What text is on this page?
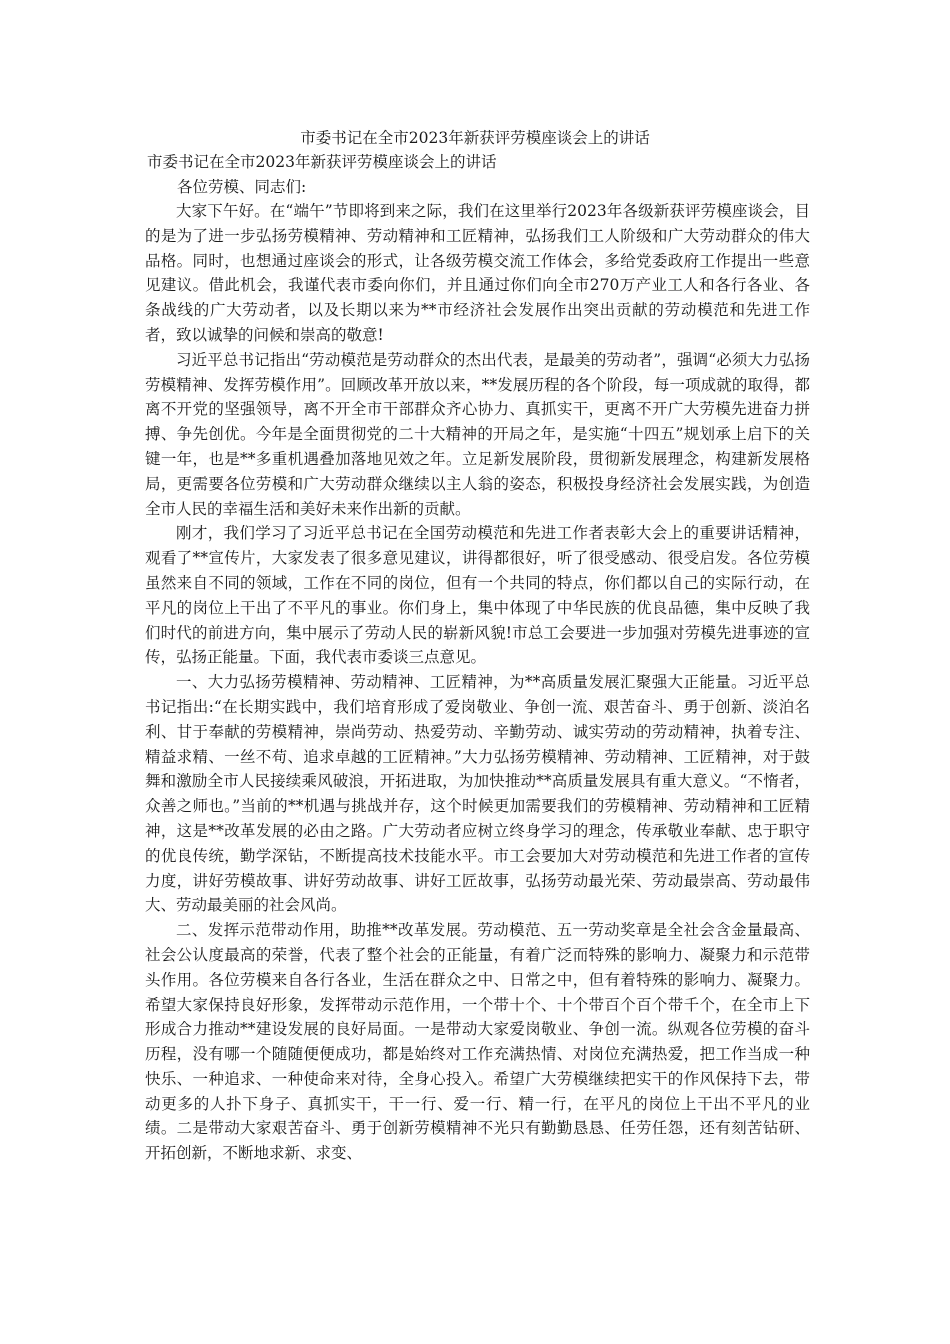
市委书记在全市2023年新获评劳模座谈会上的讲话
市委书记在全市2023年新获评劳模座谈会上的讲话
各位劳模、同志们:

大家下午好。在“端午”节即将到来之际，我们在这里举行2023年各级新获评劳模座谈会，目的是为了进一步弘扬劳模精神、劳动精神和工匠精神，弘扬我们工人阶级和广大劳动群众的伟大品格。同时，也想通过座谈会的形式，让各级劳模交流工作体会，多给党委政府工作提出一些意见建议。借此机会，我谨代表市委向你们，并且通过你们向全市270万产业工人和各行各业、各条战线的广大劳动者，以及长期以来为**市经济社会发展作出突出贡献的劳动模范和先进工作者，致以诚挚的问候和崇高的敬意!

习近平总书记指出“劳动模范是劳动群众的杰出代表，是最美的劳动者”，强调“必须大力弘扬劳模精神、发挥劳模作用”。回顾改革开放以来，**发展历程的各个阶段，每一项成就的取得，都离不开党的坚强领导，离不开全市干部群众齐心协力、真抓实干，更离不开广大劳模先进奋力拼搏、争先创优。今年是全面贯彻党的二十大精神的开局之年，是实施“十四五”规划承上启下的关键一年，也是**多重机遇叠加落地见效之年。立足新发展阶段，贯彻新发展理念，构建新发展格局，更需要各位劳模和广大劳动群众继续以主人翁的姿态，积极投身经济社会发展实践，为创造全市人民的幸福生活和美好未来作出新的贡献。

刚才，我们学习了习近平总书记在全国劳动模范和先进工作者表彰大会上的重要讲话精神，观看了**宣传片，大家发表了很多意见建议，讲得都很好，听了很受感动、很受启发。各位劳模虽然来自不同的领域，工作在不同的岗位，但有一个共同的特点，你们都以自己的实际行动，在平凡的岗位上干出了不平凡的事业。你们身上，集中体现了中华民族的优良品德，集中反映了我们时代的前进方向，集中展示了劳动人民的崭新风貌!市总工会要进一步加强对劳模先进事迹的宣传，弘扬正能量。下面，我代表市委谈三点意见。

一、大力弘扬劳模精神、劳动精神、工匠精神，为**高质量发展汇聚强大正能量。习近平总书记指出:“在长期实践中，我们培育形成了爱岗敬业、争创一流、艰苦奋斗、勇于创新、淡泊名利、甘于奉献的劳模精神，崇尚劳动、热爱劳动、辛勤劳动、诚实劳动的劳动精神，执着专注、精益求精、一丝不苟、追求卓越的工匠精神。”大力弘扬劳模精神、劳动精神、工匠精神，对于鼓舞和激励全市人民接续乘风破浪，开拓进取，为加快推动**高质量发展具有重大意义。“不惰者，众善之师也。”当前的**机遇与挑战并存，这个时候更加需要我们的劳模精神、劳动精神和工匠精神，这是**改革发展的必由之路。广大劳动者应树立终身学习的理念，传承敬业奉献、忠于职守的优良传统，勤学深钻，不断提高技术技能水平。市工会要加大对劳动模范和先进工作者的宣传力度，讲好劳模故事、讲好劳动故事、讲好工匠故事，弘扬劳动最光荣、劳动最崇高、劳动最伟大、劳动最美丽的社会风尚。

二、发挥示范带动作用，助推**改革发展。劳动模范、五一劳动奖章是全社会含金量最高、社会公认度最高的荣誉，代表了整个社会的正能量，有着广泛而特殊的影响力、凝聚力和示范带头作用。各位劳模来自各行各业，生活在群众之中、日常之中，但有着特殊的影响力、凝聚力。希望大家保持良好形象，发挥带动示范作用，一个带十个、十个带百个百个带千个，在全市上下形成合力推动**建设发展的良好局面。一是带动大家爱岗敬业、争创一流。纵观各位劳模的奋斗历程，没有哪一个随随便便成功，都是始终对工作充满热情、对岗位充满热爱，把工作当成一种快乐、一种追求、一种使命来对待，全身心投入。希望广大劳模继续把实干的作风保持下去，带动更多的人扑下身子、真抓实干，干一行、爱一行、精一行，在平凡的岗位上干出不平凡的业绩。二是带动大家艰苦奋斗、勇于创新劳模精神不光只有勤勤恳恳、任劳任怨，还有刻苦钻研、开拓创新，不断地求新、求变、
